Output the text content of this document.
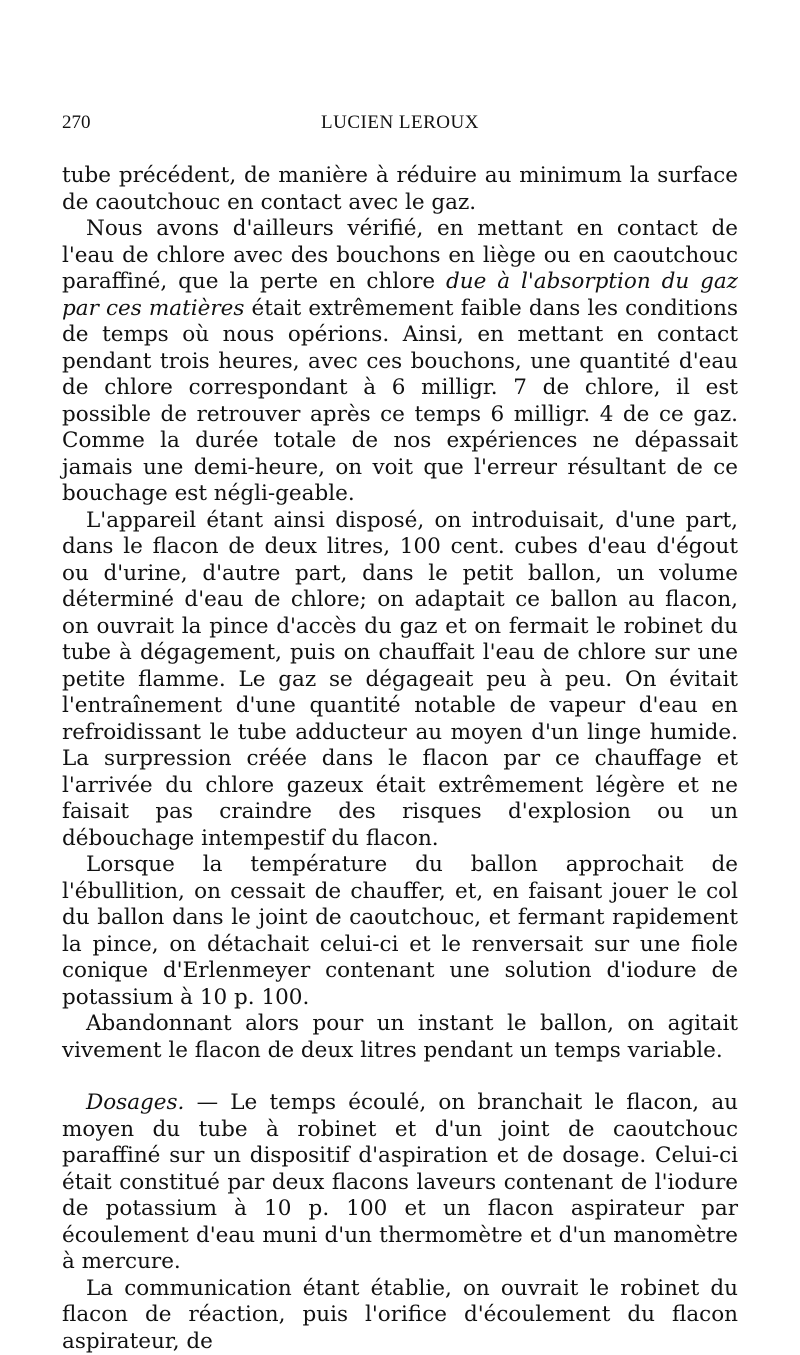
270	LUCIEN LEROUX

tube précédent, de manière à réduire au minimum la surface de caoutchouc en contact avec le gaz.

Nous avons d'ailleurs vérifié, en mettant en contact de l'eau de chlore avec des bouchons en liège ou en caoutchouc paraffiné, que la perte en chlore due à l'absorption du gaz par ces matières était extrêmement faible dans les conditions de temps où nous opérions. Ainsi, en mettant en contact pendant trois heures, avec ces bouchons, une quantité d'eau de chlore correspondant à 6 milligr. 7 de chlore, il est possible de retrouver après ce temps 6 milligr. 4 de ce gaz. Comme la durée totale de nos expériences ne dépassait jamais une demi-heure, on voit que l'erreur résultant de ce bouchage est négli-geable.

L'appareil étant ainsi disposé, on introduisait, d'une part, dans le flacon de deux litres, 100 cent. cubes d'eau d'égout ou d'urine, d'autre part, dans le petit ballon, un volume déterminé d'eau de chlore; on adaptait ce ballon au flacon, on ouvrait la pince d'accès du gaz et on fermait le robinet du tube à dégagement, puis on chauffait l'eau de chlore sur une petite flamme. Le gaz se dégageait peu à peu. On évitait l'entraînement d'une quantité notable de vapeur d'eau en refroidissant le tube adducteur au moyen d'un linge humide. La surpression créée dans le flacon par ce chauffage et l'arrivée du chlore gazeux était extrêmement légère et ne faisait pas craindre des risques d'explosion ou un débouchage intempestif du flacon.

Lorsque la température du ballon approchait de l'ébullition, on cessait de chauffer, et, en faisant jouer le col du ballon dans le joint de caoutchouc, et fermant rapidement la pince, on détachait celui-ci et le renversait sur une fiole conique d'Erlenmeyer contenant une solution d'iodure de potassium à 10 p. 100.

Abandonnant alors pour un instant le ballon, on agitait vivement le flacon de deux litres pendant un temps variable.

Dosages. — Le temps écoulé, on branchait le flacon, au moyen du tube à robinet et d'un joint de caoutchouc paraffiné sur un dispositif d'aspiration et de dosage. Celui-ci était constitué par deux flacons laveurs contenant de l'iodure de potassium à 10 p. 100 et un flacon aspirateur par écoulement d'eau muni d'un thermomètre et d'un manomètre à mercure.

La communication étant établie, on ouvrait le robinet du flacon de réaction, puis l'orifice d'écoulement du flacon aspirateur, de
